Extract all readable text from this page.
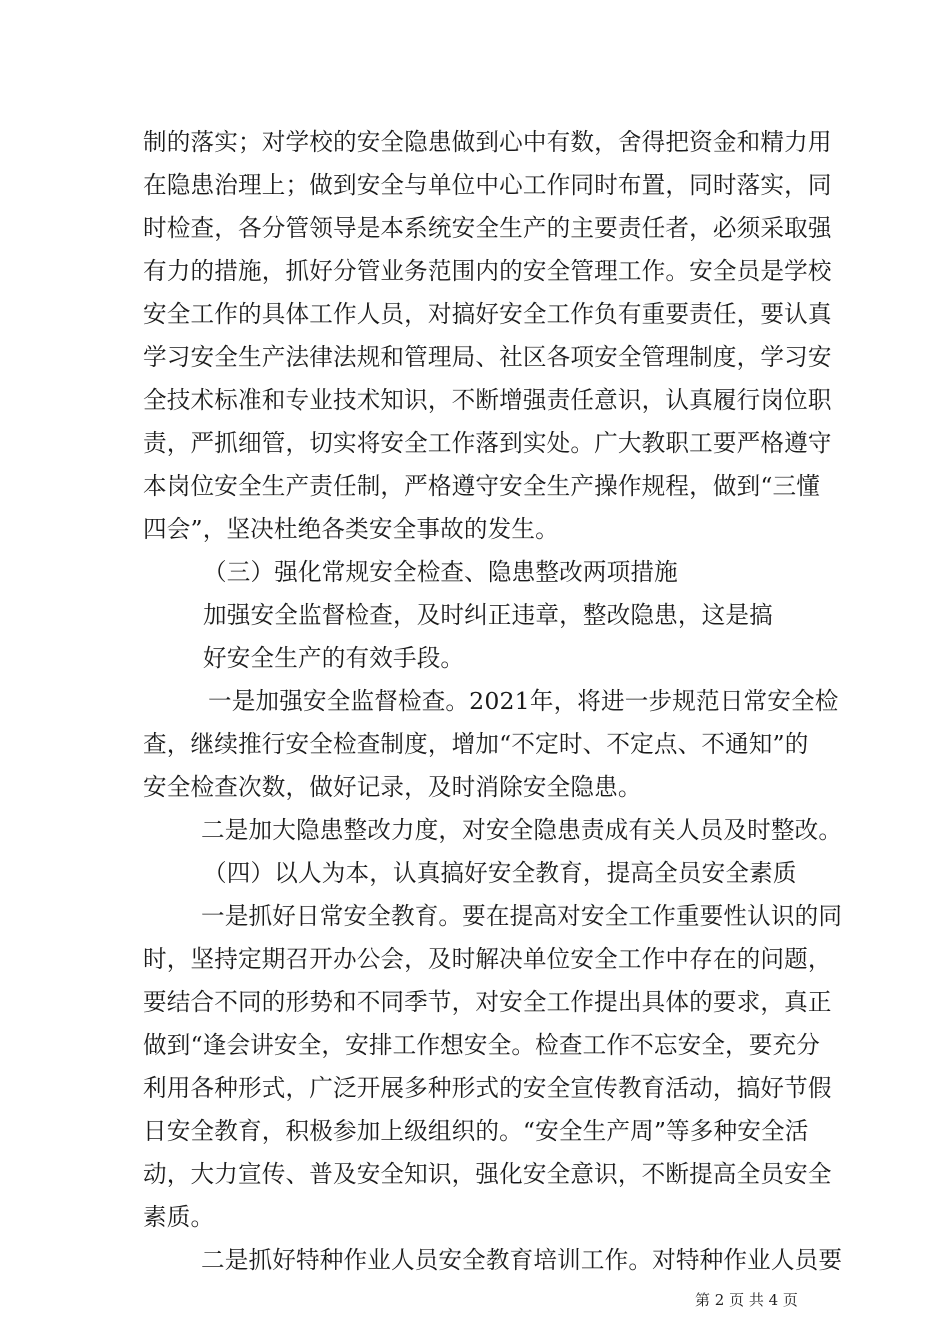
制的落实；对学校的安全隐患做到心中有数，舍得把资金和精力用
在隐患治理上；做到安全与单位中心工作同时布置，同时落实，同
时检查，各分管领导是本系统安全生产的主要责任者，必须采取强
有力的措施，抓好分管业务范围内的安全管理工作。安全员是学校
安全工作的具体工作人员，对搞好安全工作负有重要责任，要认真
学习安全生产法律法规和管理局、社区各项安全管理制度，学习安
全技术标准和专业技术知识，不断增强责任意识，认真履行岗位职
责，严抓细管，切实将安全工作落到实处。广大教职工要严格遵守
本岗位安全生产责任制，严格遵守安全生产操作规程，做到“三懂
四会”，坚决杜绝各类安全事故的发生。
（三）强化常规安全检查、隐患整改两项措施
加强安全监督检查，及时纠正违章，整改隐患，这是搞
好安全生产的有效手段。
一是加强安全监督检查。2021年，将进一步规范日常安全检
查，继续推行安全检查制度，增加“不定时、不定点、不通知”的
安全检查次数，做好记录，及时消除安全隐患。
二是加大隐患整改力度，对安全隐患责成有关人员及时整改。
（四）以人为本，认真搞好安全教育，提高全员安全素质
一是抓好日常安全教育。要在提高对安全工作重要性认识的同
时，坚持定期召开办公会，及时解决单位安全工作中存在的问题，
要结合不同的形势和不同季节，对安全工作提出具体的要求，真正
做到“逢会讲安全，安排工作想安全。检查工作不忘安全，要充分
利用各种形式，广泛开展多种形式的安全宣传教育活动，搞好节假
日安全教育，积极参加上级组织的。“安全生产周”等多种安全活
动，大力宣传、普及安全知识，强化安全意识，不断提高全员安全
素质。
二是抓好特种作业人员安全教育培训工作。对特种作业人员要
第 2 页 共 4 页
